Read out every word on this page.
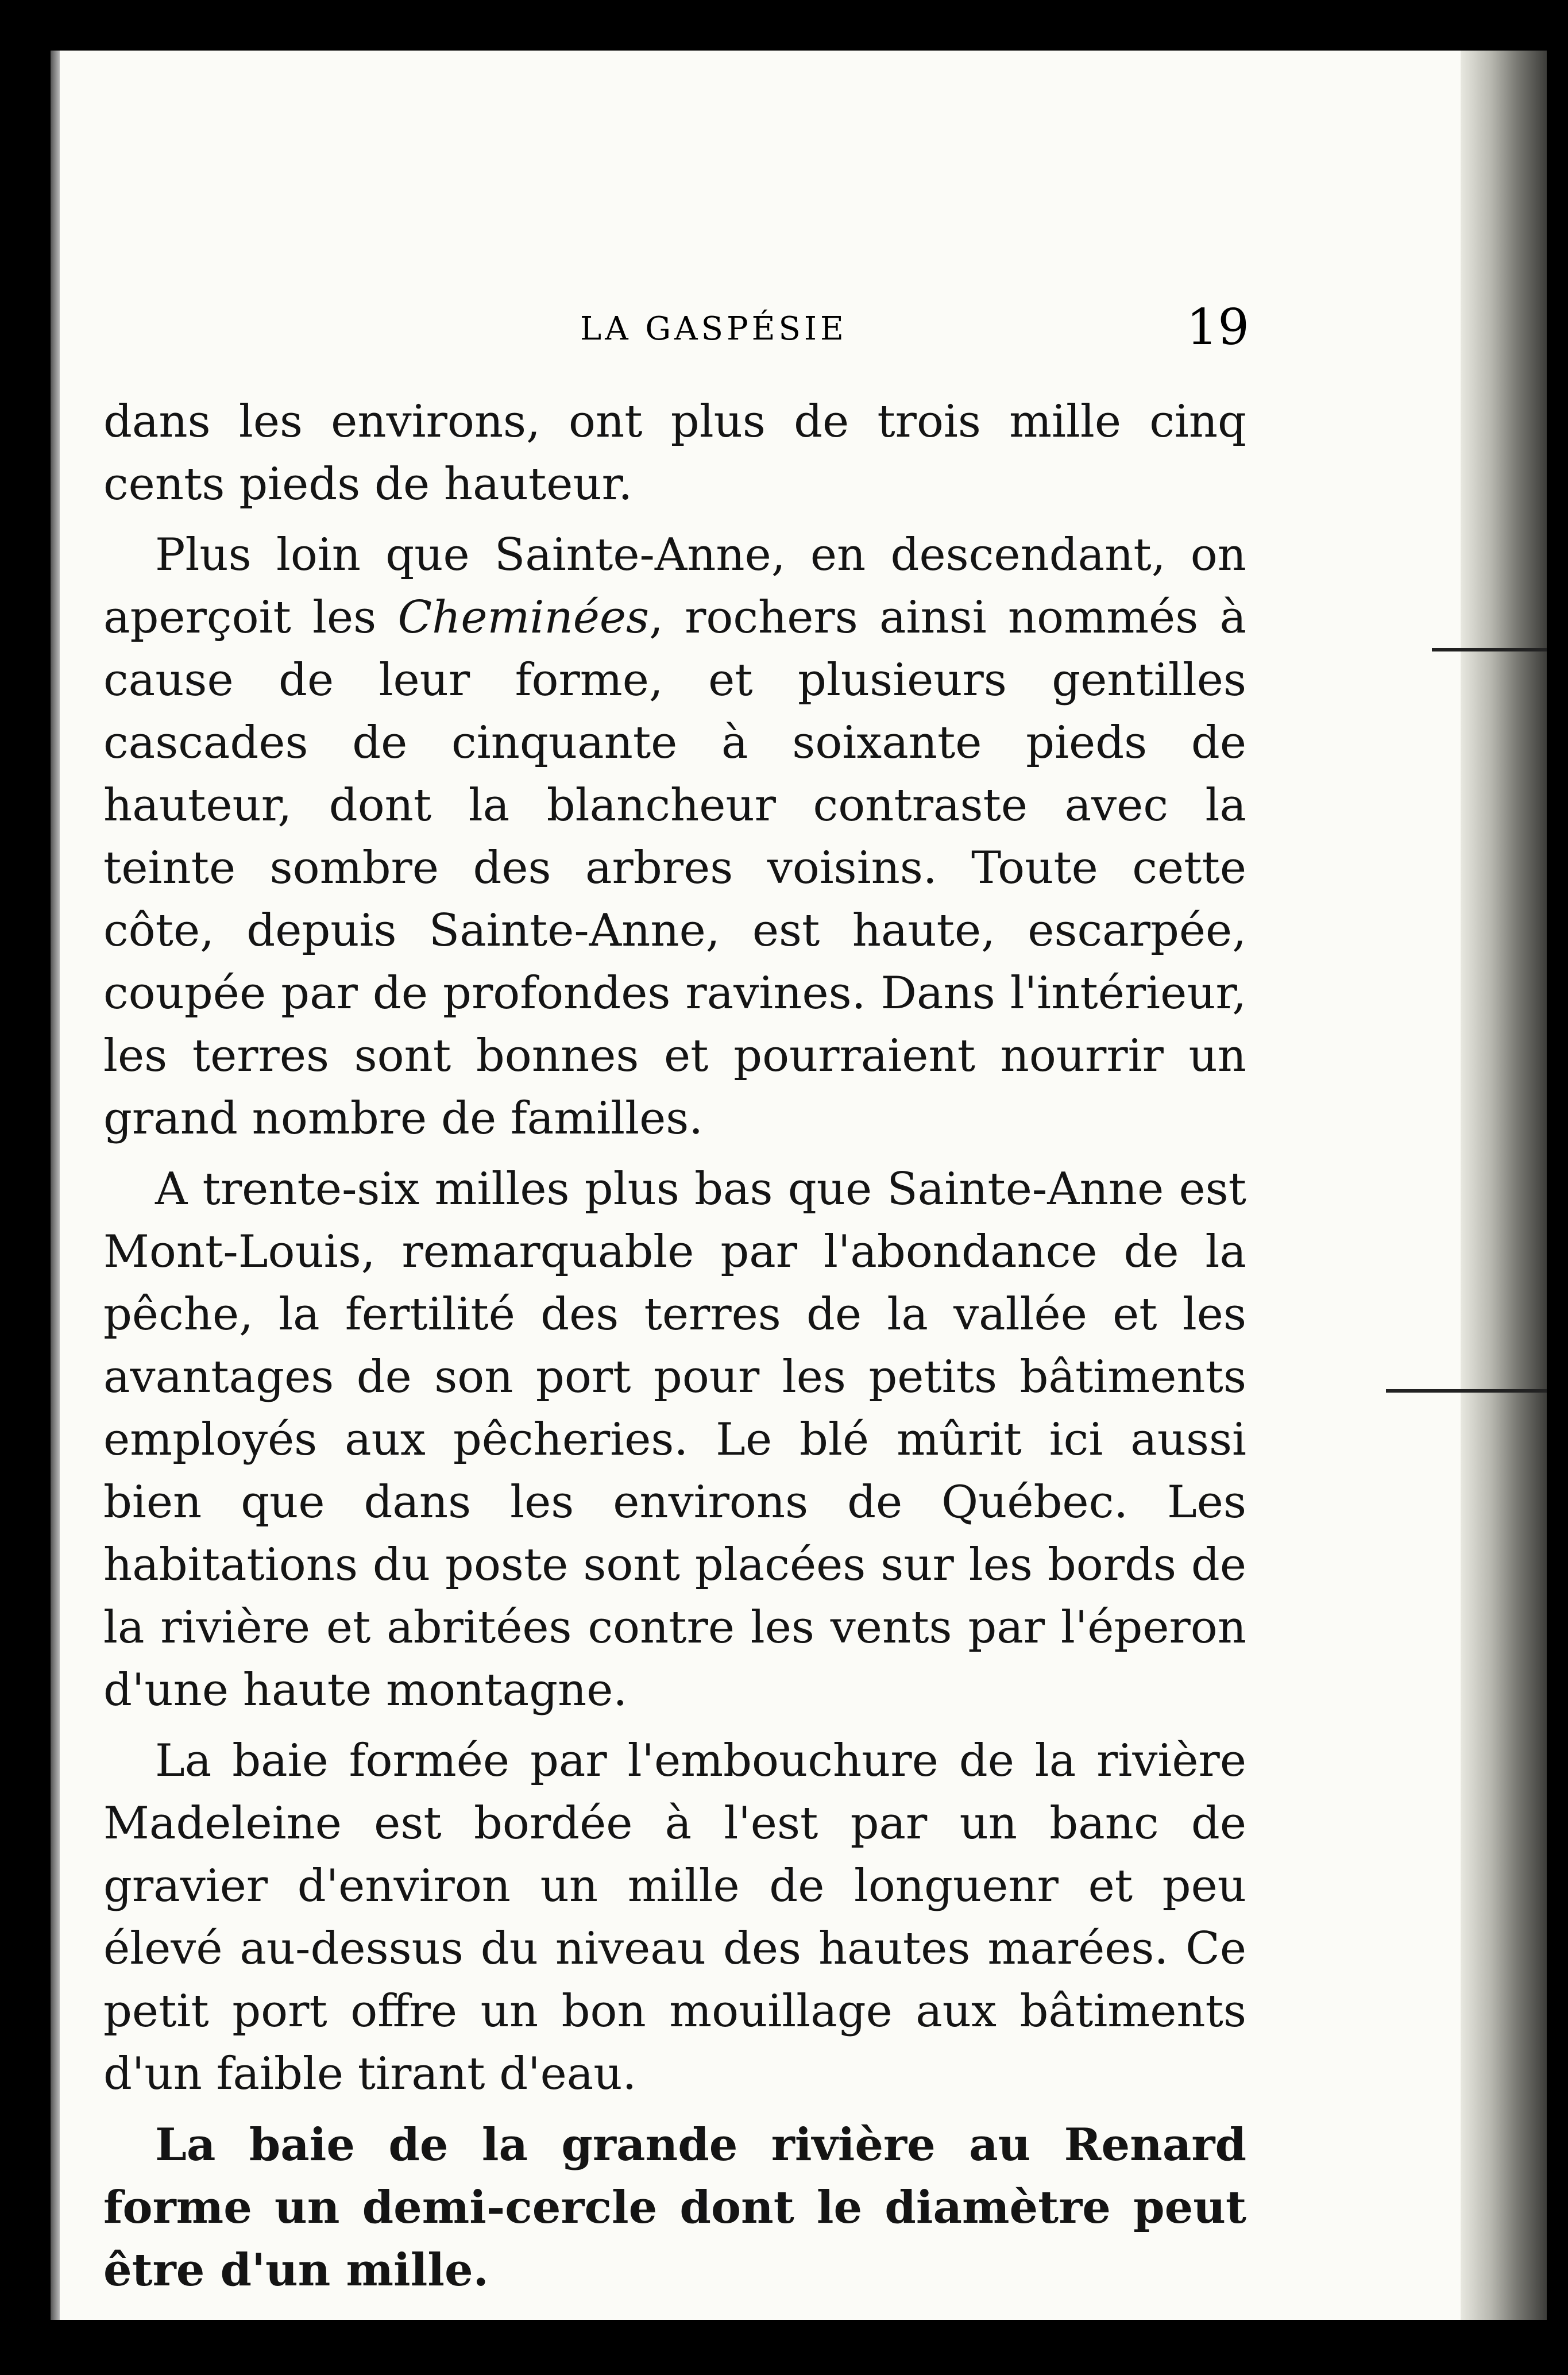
LA GASPÉSIE	19

dans les environs, ont plus de trois mille cinq cents pieds de hauteur.

Plus loin que Sainte-Anne, en descendant, on aperçoit les Cheminées, rochers ainsi nommés à cause de leur forme, et plusieurs gentilles cascades de cinquante à soixante pieds de hauteur, dont la blancheur contraste avec la teinte sombre des arbres voisins. Toute cette côte, depuis Sainte-Anne, est haute, escarpée, coupée par de profondes ravines. Dans l'intérieur, les terres sont bonnes et pourraient nourrir un grand nombre de familles.

A trente-six milles plus bas que Sainte-Anne est Mont-Louis, remarquable par l'abondance de la pêche, la fertilité des terres de la vallée et les avantages de son port pour les petits bâtiments employés aux pêcheries. Le blé mûrit ici aussi bien que dans les environs de Québec. Les habitations du poste sont placées sur les bords de la rivière et abritées contre les vents par l'éperon d'une haute montagne.

La baie formée par l'embouchure de la rivière Madeleine est bordée à l'est par un banc de gravier d'environ un mille de longuenr et peu élevé au-dessus du niveau des hautes marées. Ce petit port offre un bon mouillage aux bâtiments d'un faible tirant d'eau.

La baie de la grande rivière au Renard forme un demi-cercle dont le diamètre peut être d'un mille.
